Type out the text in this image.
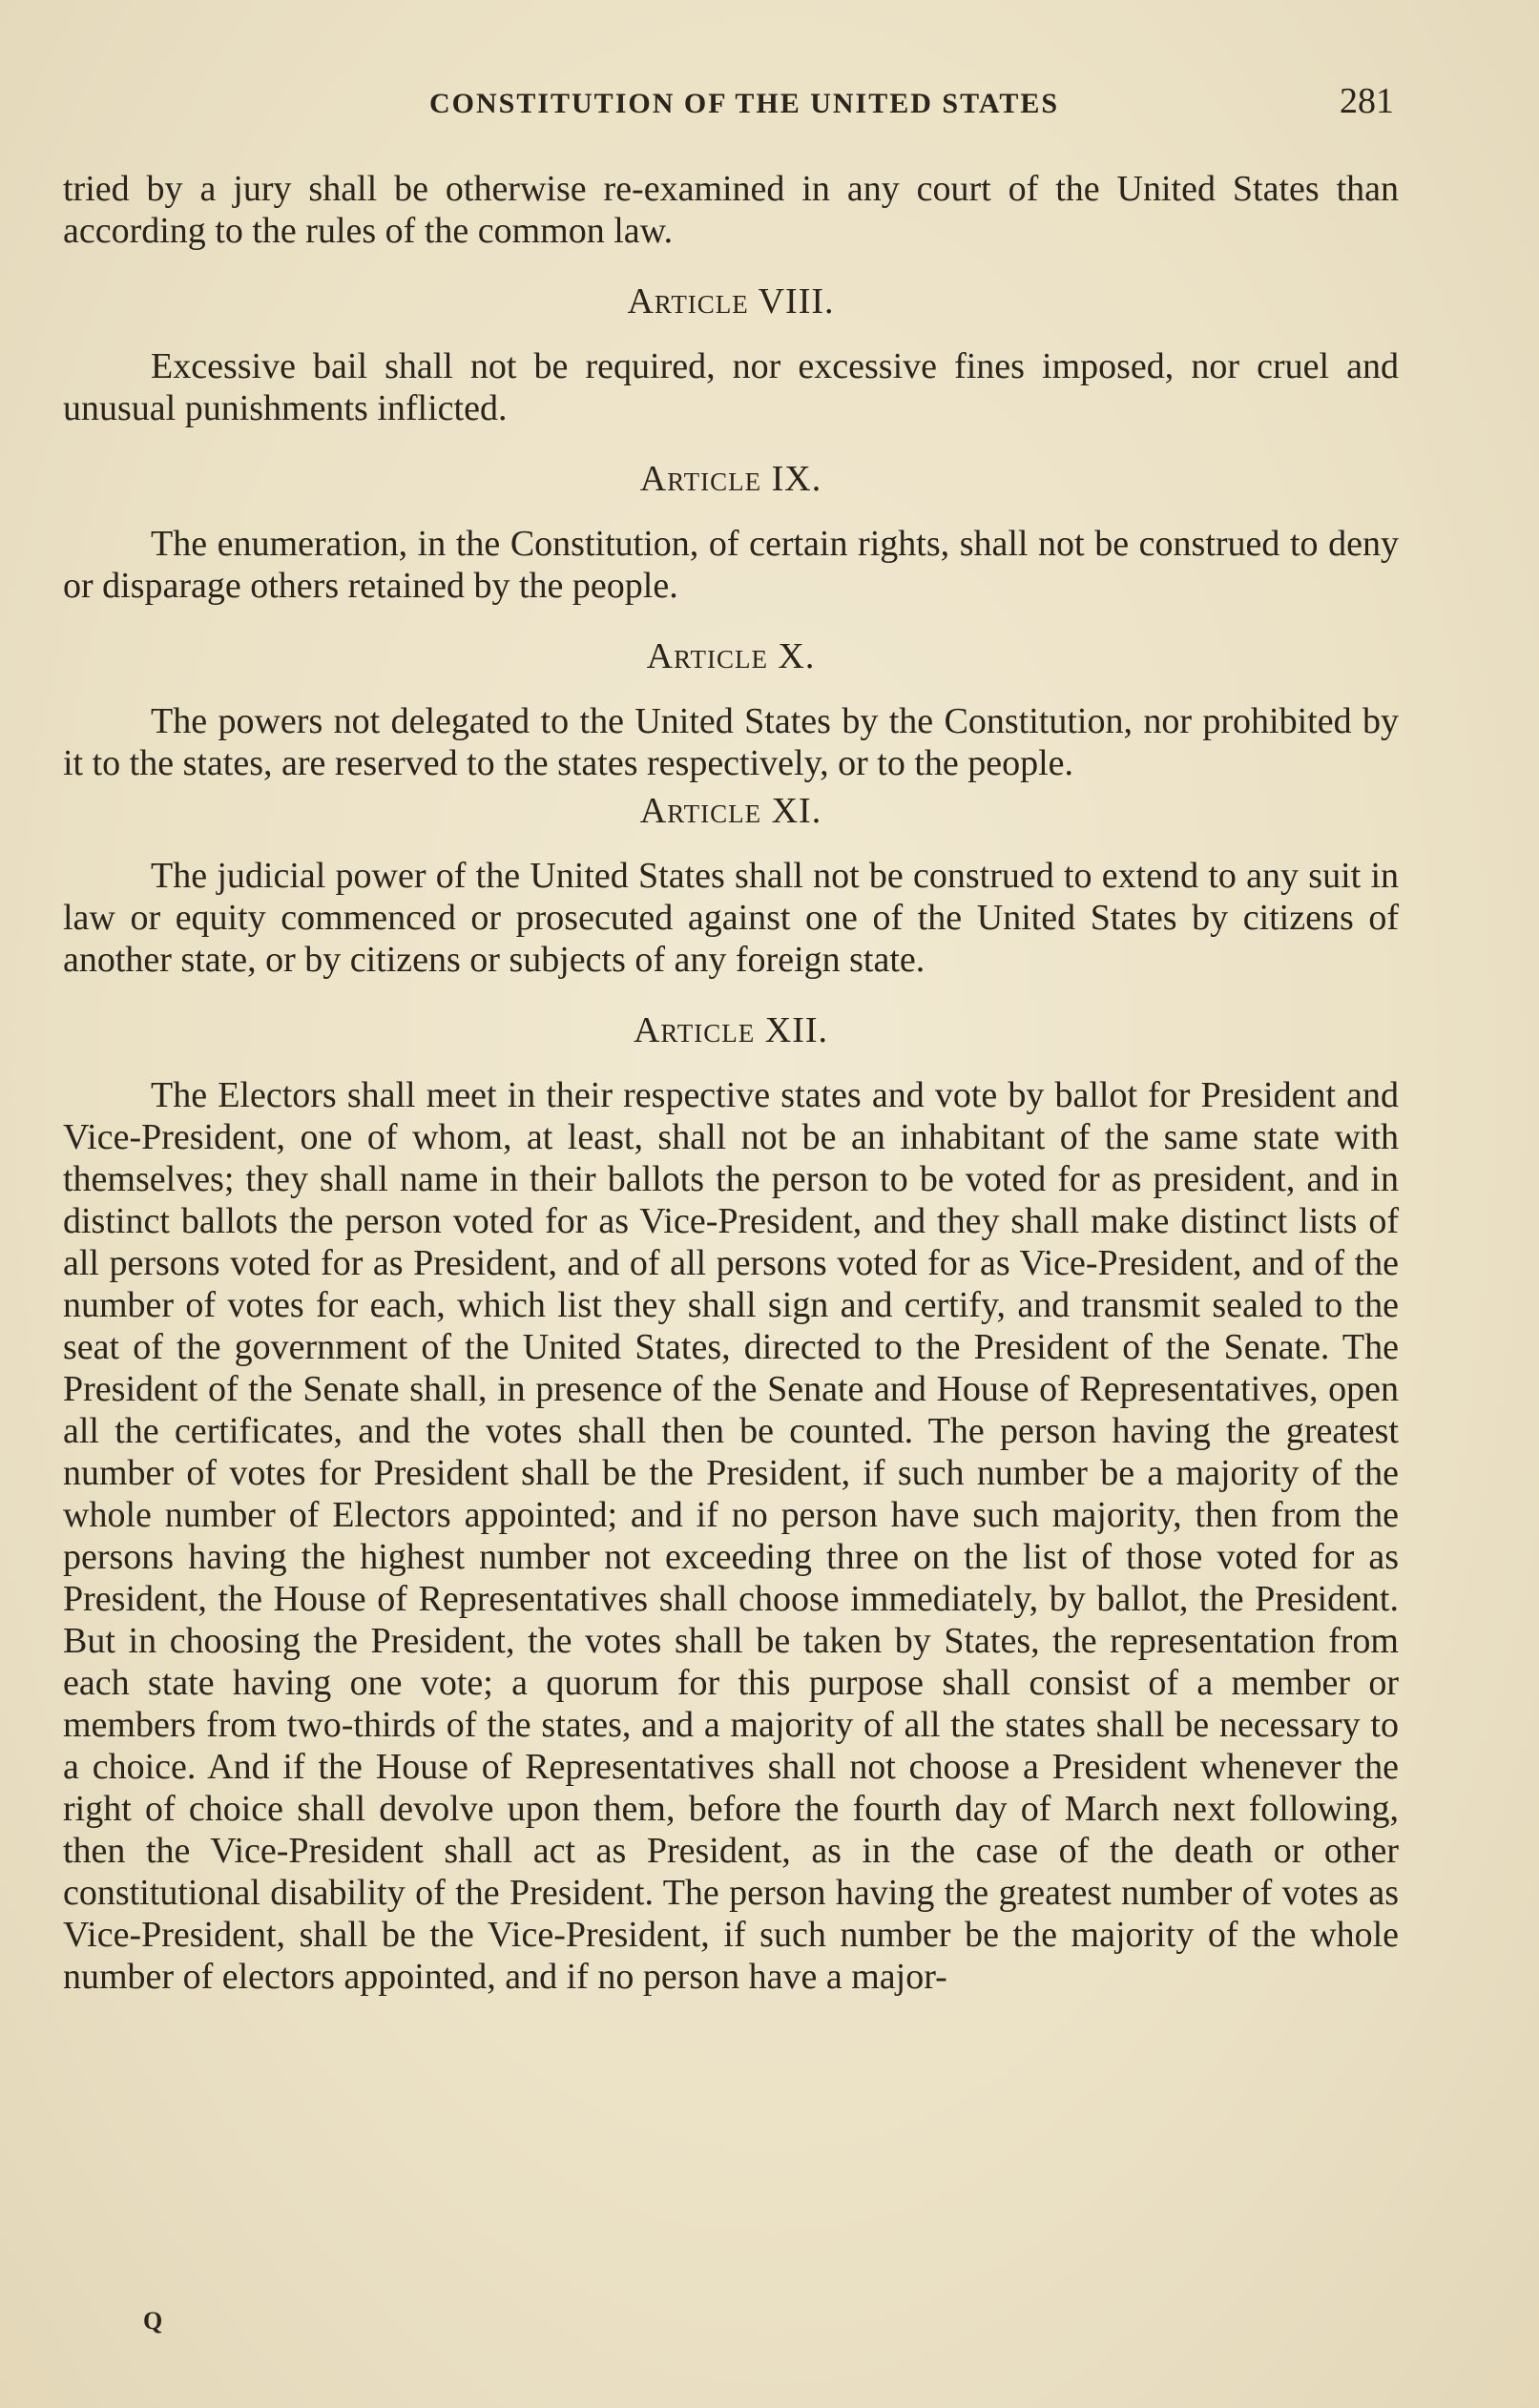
CONSTITUTION OF THE UNITED STATES	281

tried by a jury shall be otherwise re-examined in any court of the United States than according to the rules of the common law.

Article VIII.

Excessive bail shall not be required, nor excessive fines imposed, nor cruel and unusual punishments inflicted.

Article IX.

The enumeration, in the Constitution, of certain rights, shall not be construed to deny or disparage others retained by the people.

Article X.

The powers not delegated to the United States by the Constitution, nor prohibited by it to the states, are reserved to the states respectively, or to the people.

Article XI.

The judicial power of the United States shall not be construed to extend to any suit in law or equity commenced or prosecuted against one of the United States by citizens of another state, or by citizens or subjects of any foreign state.

Article XII.

The Electors shall meet in their respective states and vote by ballot for President and Vice-President, one of whom, at least, shall not be an inhabitant of the same state with themselves; they shall name in their ballots the person to be voted for as president, and in distinct ballots the person voted for as Vice-President, and they shall make distinct lists of all persons voted for as President, and of all persons voted for as Vice-President, and of the number of votes for each, which list they shall sign and certify, and transmit sealed to the seat of the government of the United States, directed to the President of the Senate. The President of the Senate shall, in presence of the Senate and House of Representatives, open all the certificates, and the votes shall then be counted. The person having the greatest number of votes for President shall be the President, if such number be a majority of the whole number of Electors appointed; and if no person have such majority, then from the persons having the highest number not exceeding three on the list of those voted for as President, the House of Representatives shall choose immediately, by ballot, the President. But in choosing the President, the votes shall be taken by States, the representation from each state having one vote; a quorum for this purpose shall consist of a member or members from two-thirds of the states, and a majority of all the states shall be necessary to a choice. And if the House of Representatives shall not choose a President whenever the right of choice shall devolve upon them, before the fourth day of March next following, then the Vice-President shall act as President, as in the case of the death or other constitutional disability of the President. The person having the greatest number of votes as Vice-President, shall be the Vice-President, if such number be the majority of the whole number of electors appointed, and if no person have a major-

Q
